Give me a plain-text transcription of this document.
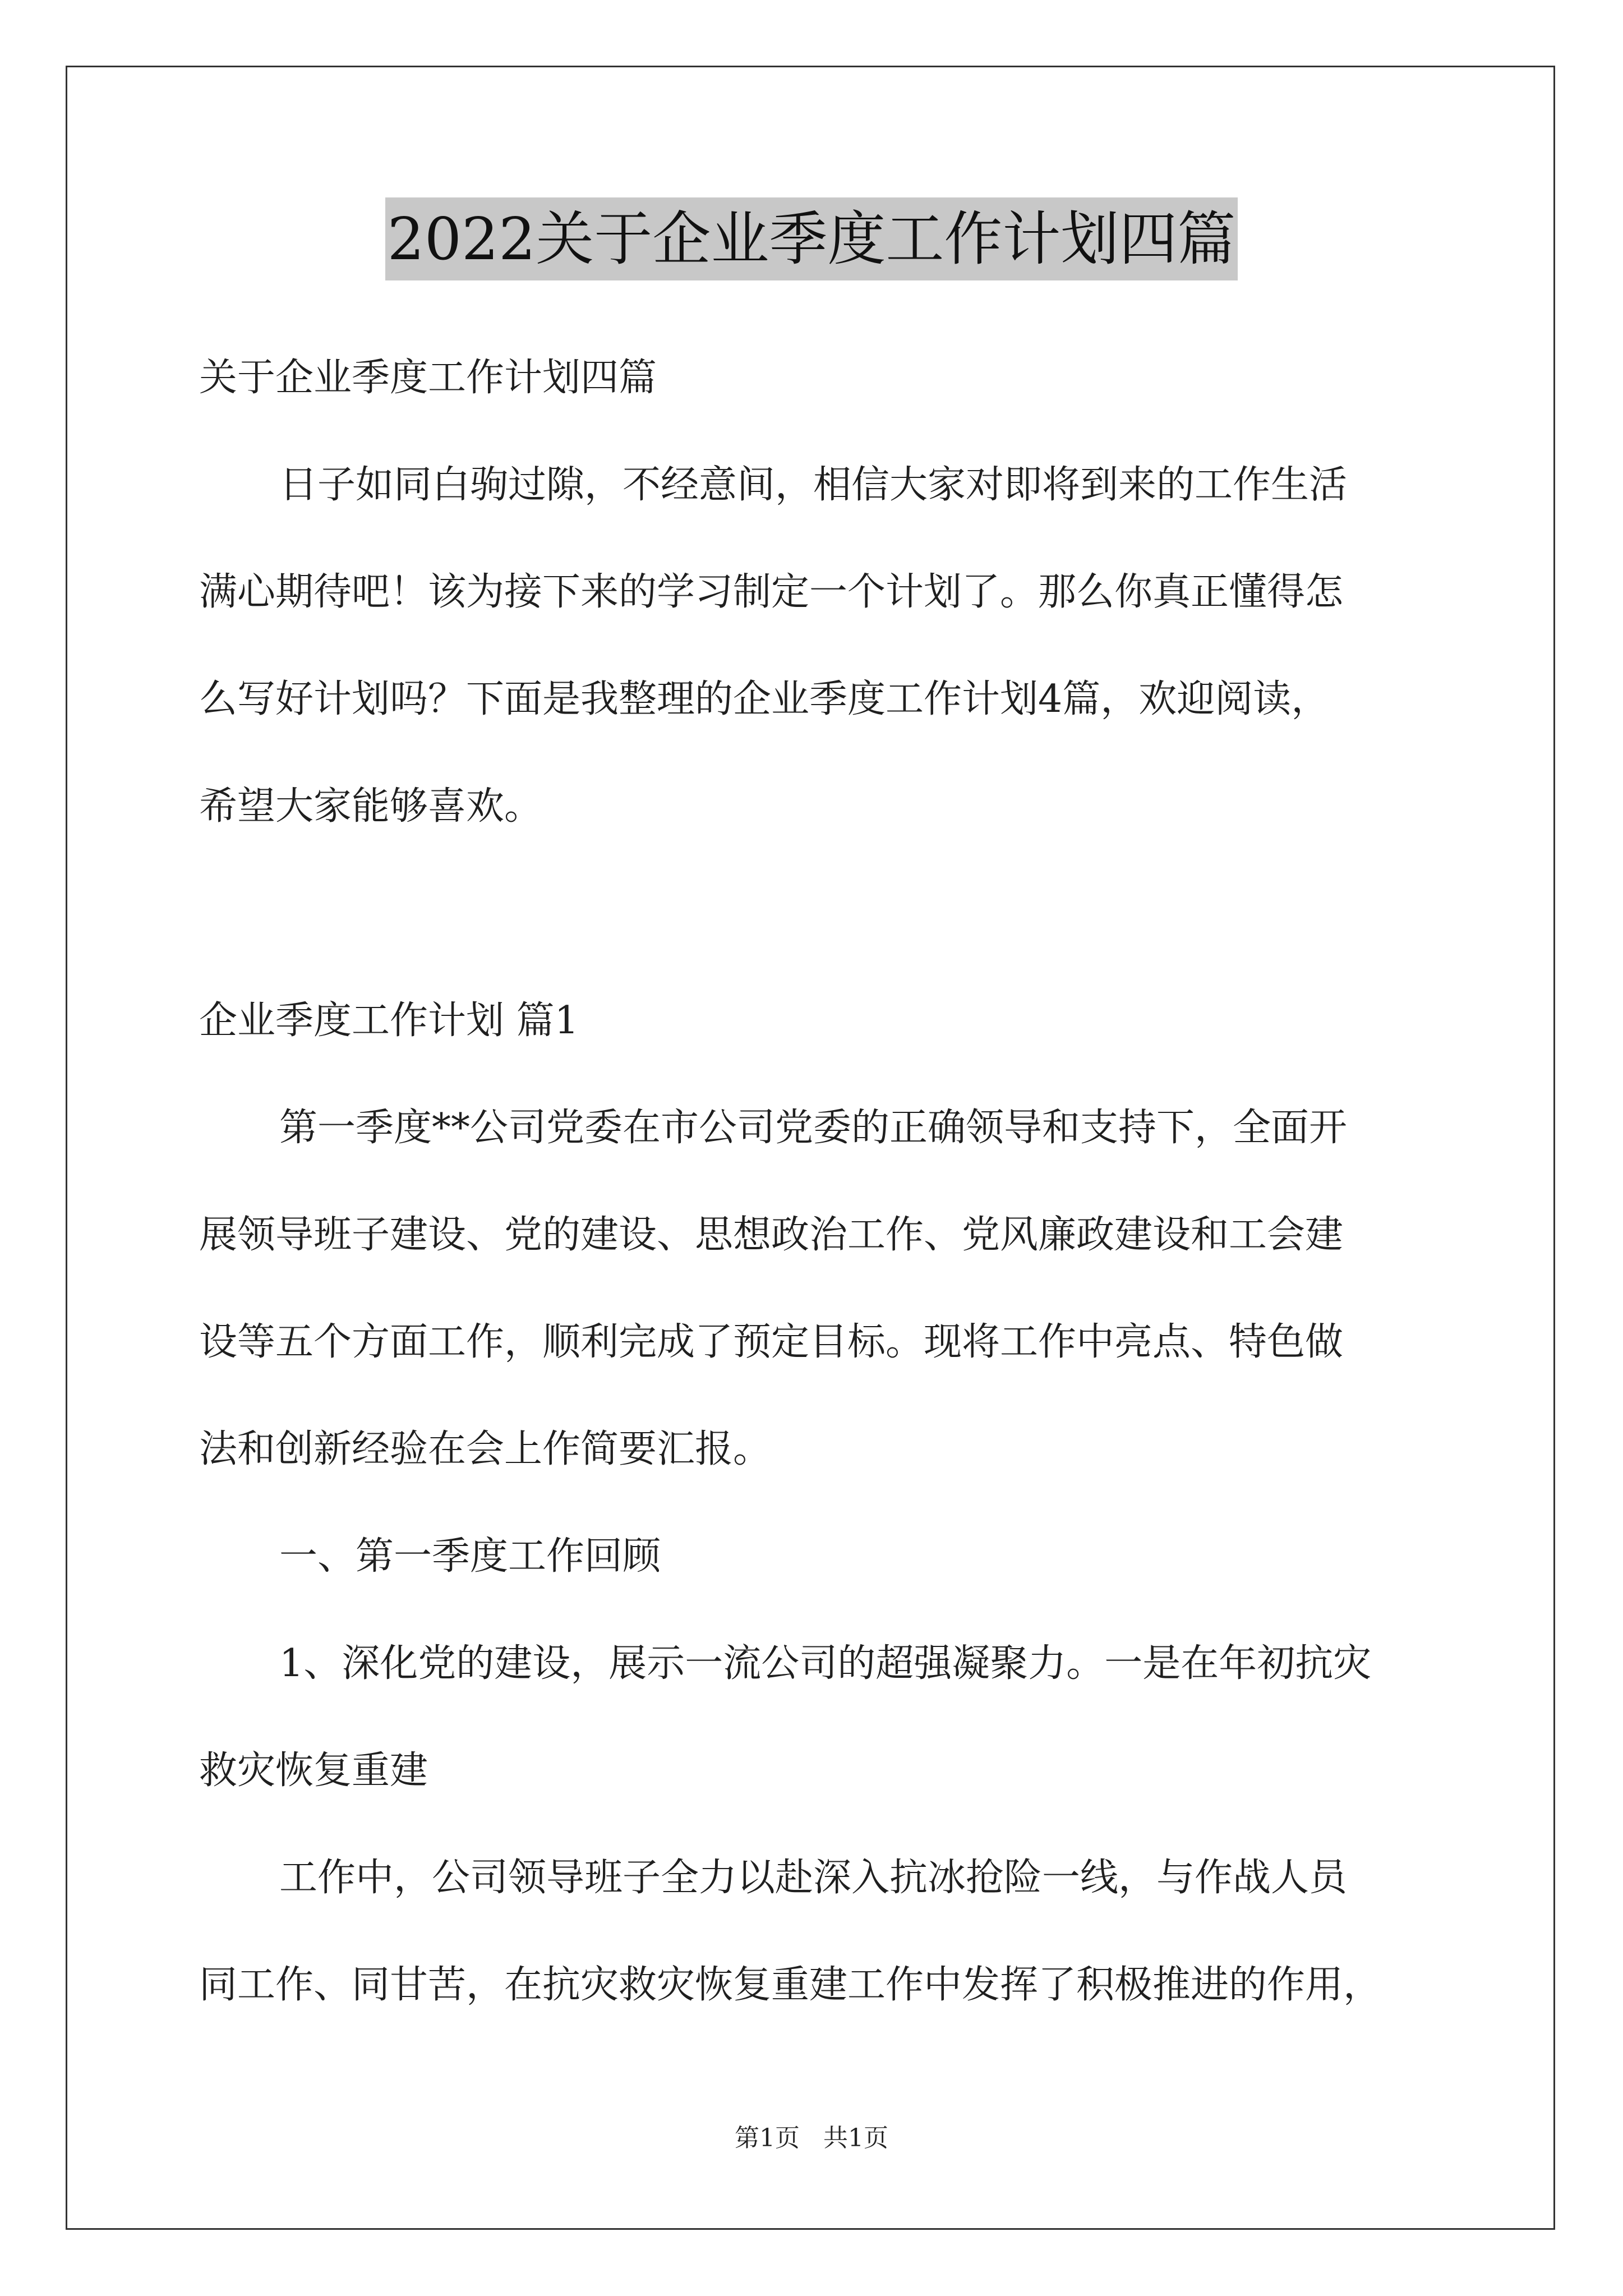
2022关于企业季度工作计划四篇
关于企业季度工作计划四篇
日子如同白驹过隙，不经意间，相信大家对即将到来的工作生活
满心期待吧！该为接下来的学习制定一个计划了。那么你真正懂得怎
么写好计划吗？下面是我整理的企业季度工作计划4篇，欢迎阅读，
希望大家能够喜欢。
企业季度工作计划 篇1
第一季度**公司党委在市公司党委的正确领导和支持下，全面开
展领导班子建设、党的建设、思想政治工作、党风廉政建设和工会建
设等五个方面工作，顺利完成了预定目标。现将工作中亮点、特色做
法和创新经验在会上作简要汇报。
一、第一季度工作回顾
1、深化党的建设，展示一流公司的超强凝聚力。一是在年初抗灾
救灾恢复重建
工作中，公司领导班子全力以赴深入抗冰抢险一线，与作战人员
同工作、同甘苦，在抗灾救灾恢复重建工作中发挥了积极推进的作用，
第1页   共1页
